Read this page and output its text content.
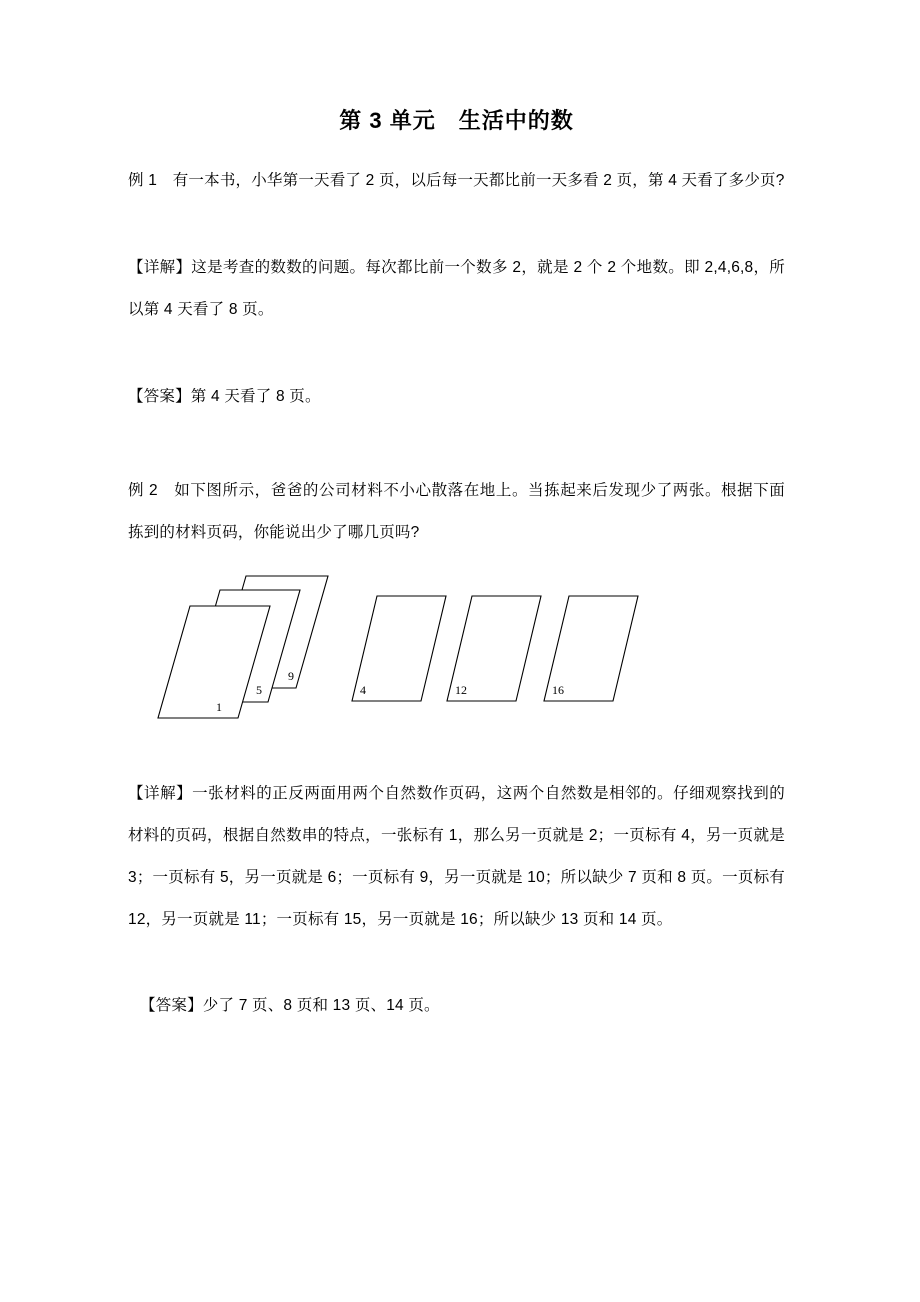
第 3 单元　生活中的数

例 1　有一本书，小华第一天看了 2 页，以后每一天都比前一天多看 2 页，第 4 天看了多少页?

【详解】这是考查的数数的问题。每次都比前一个数多 2，就是 2 个 2 个地数。即 2,4,6,8，所以第 4 天看了 8 页。

【答案】第 4 天看了 8 页。

例 2　如下图所示，爸爸的公司材料不小心散落在地上。当拣起来后发现少了两张。根据下面拣到的材料页码，你能说出少了哪几页吗?

9
5
1
4	12	16

【详解】一张材料的正反两面用两个自然数作页码，这两个自然数是相邻的。仔细观察找到的材料的页码，根据自然数串的特点，一张标有 1，那么另一页就是 2；一页标有 4，另一页就是 3；一页标有 5，另一页就是 6；一页标有 9，另一页就是 10；所以缺少 7 页和 8 页。一页标有 12，另一页就是 11；一页标有 15，另一页就是 16；所以缺少 13 页和 14 页。

【答案】少了 7 页、8 页和 13 页、14 页。
